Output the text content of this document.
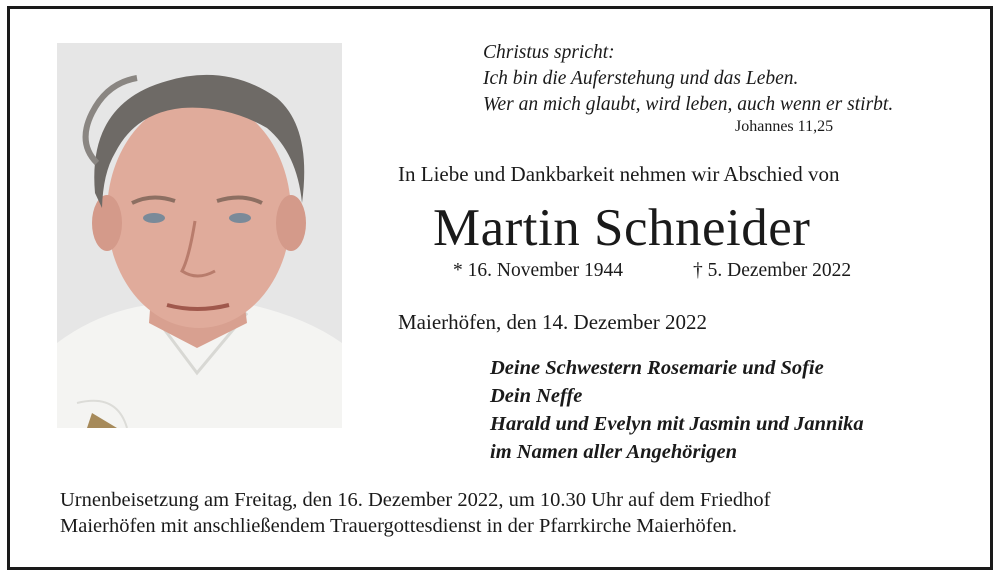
Christus spricht:
Ich bin die Auferstehung und das Leben.
Wer an mich glaubt, wird leben, auch wenn er stirbt.
Johannes 11,25
In Liebe und Dankbarkeit nehmen wir Abschied von
Martin Schneider
* 16. November 1944	† 5. Dezember 2022
Maierhöfen, den 14. Dezember 2022
Deine Schwestern Rosemarie und Sofie
Dein Neffe
Harald und Evelyn mit Jasmin und Jannika
im Namen aller Angehörigen
Urnenbeisetzung am Freitag, den 16. Dezember 2022, um 10.30 Uhr auf dem Friedhof
Maierhöfen mit anschließendem Trauergottesdienst in der Pfarrkirche Maierhöfen.
